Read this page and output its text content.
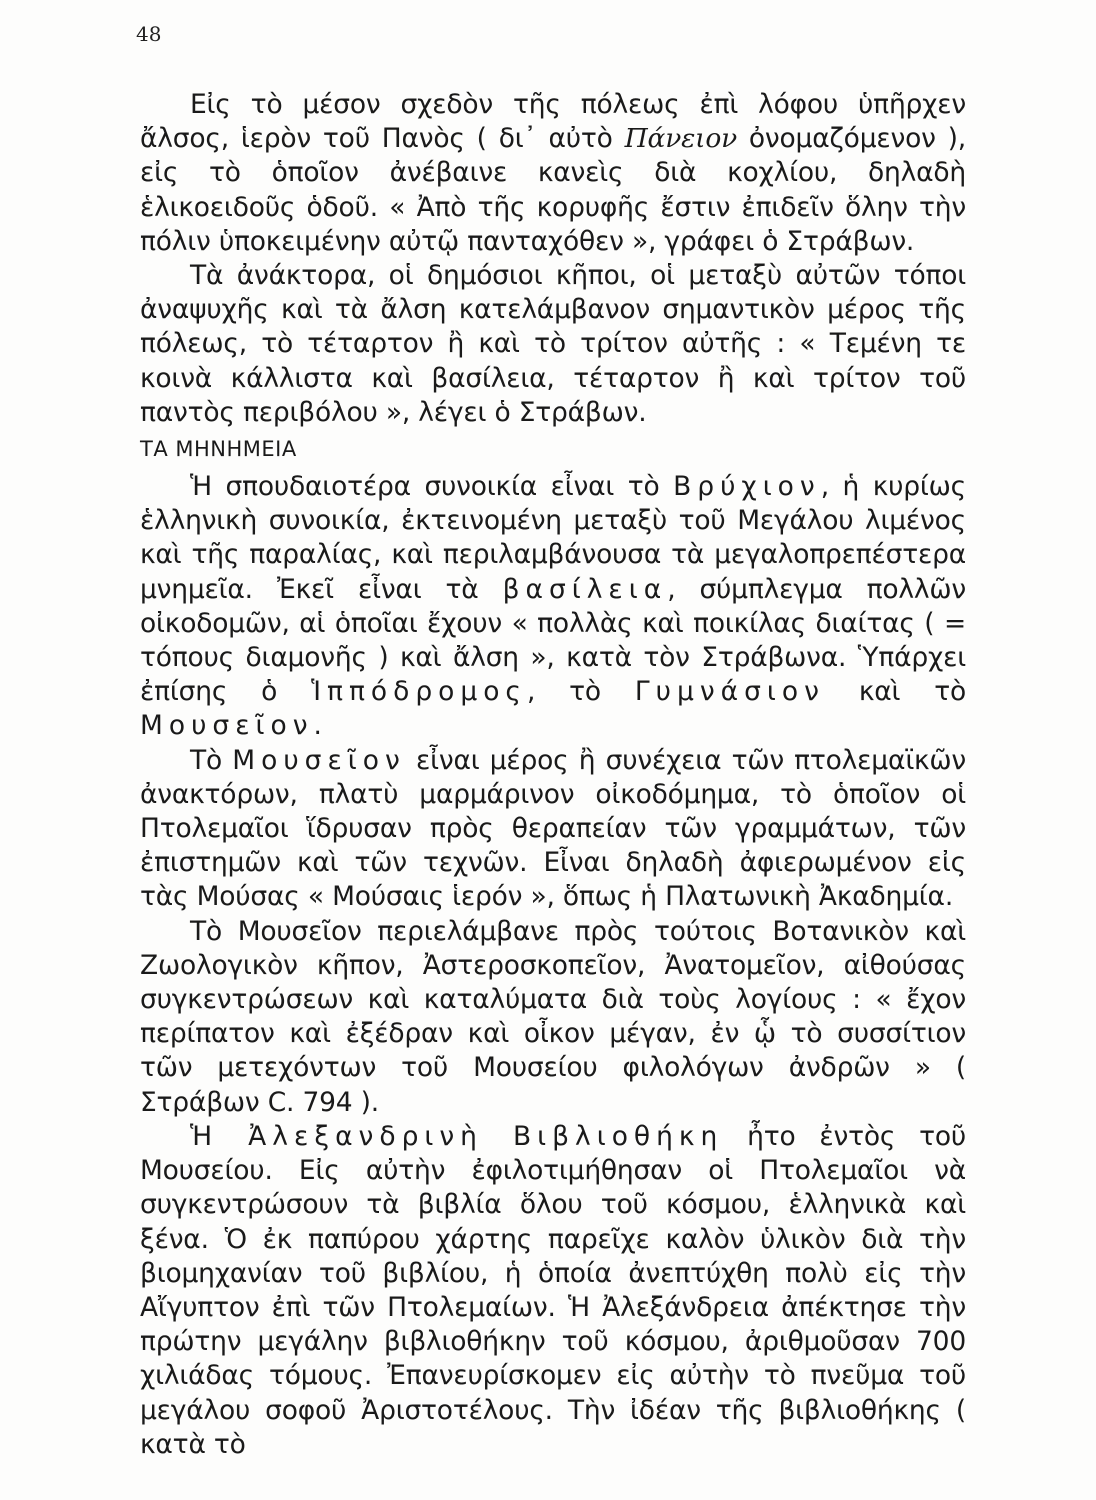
48

Εἰς τὸ μέσον σχεδὸν τῆς πόλεως ἐπὶ λόφου ὑπῆρχεν ἄλσος, ἱερὸν τοῦ Πανὸς ( δι᾽ αὐτὸ Πάνειον ὀνομαζόμενον ), εἰς τὸ ὁποῖον ἀνέβαινε κανεὶς διὰ κοχλίου, δηλαδὴ ἑλικοειδοῦς ὁδοῦ. « Ἀπὸ τῆς κορυφῆς ἔστιν ἐπιδεῖν ὅλην τὴν πόλιν ὑποκειμένην αὐτῷ πανταχόθεν », γράφει ὁ Στράβων.

Τὰ ἀνάκτορα, οἱ δημόσιοι κῆποι, οἱ μεταξὺ αὐτῶν τόποι ἀναψυχῆς καὶ τὰ ἄλση κατελάμβανον σημαντικὸν μέρος τῆς πόλεως, τὸ τέταρτον ἢ καὶ τὸ τρίτον αὐτῆς : « Τεμένη τε κοινὰ κάλλιστα καὶ βασίλεια, τέταρτον ἢ καὶ τρίτον τοῦ παντὸς περιβόλου », λέγει ὁ Στράβων.

ΤΑ ΜΗΝΗΜΕΙΑ

Ἡ σπουδαιοτέρα συνοικία εἶναι τὸ Βρύχιον, ἡ κυρίως ἑλληνικὴ συνοικία, ἐκτεινομένη μεταξὺ τοῦ Μεγάλου λιμένος καὶ τῆς παραλίας, καὶ περιλαμβάνουσα τὰ μεγαλοπρεπέστερα μνημεῖα. Ἐκεῖ εἶναι τὰ βασίλεια, σύμπλεγμα πολλῶν οἰκοδομῶν, αἱ ὁποῖαι ἔχουν « πολλὰς καὶ ποικίλας διαίτας ( = τόπους διαμονῆς ) καὶ ἄλση », κατὰ τὸν Στράβωνα. Ὑπάρχει ἐπίσης ὁ Ἱππόδρομος, τὸ Γυμνάσιον καὶ τὸ Μουσεῖον.

Τὸ Μουσεῖον εἶναι μέρος ἢ συνέχεια τῶν πτολεμαϊκῶν ἀνακτόρων, πλατὺ μαρμάρινον οἰκοδόμημα, τὸ ὁποῖον οἱ Πτολεμαῖοι ἵδρυσαν πρὸς θεραπείαν τῶν γραμμάτων, τῶν ἐπιστημῶν καὶ τῶν τεχνῶν. Εἶναι δηλαδὴ ἀφιερωμένον εἰς τὰς Μούσας « Μούσαις ἱερόν », ὅπως ἡ Πλατωνικὴ Ἀκαδημία.

Τὸ Μουσεῖον περιελάμβανε πρὸς τούτοις Βοτανικὸν καὶ Ζωολογικὸν κῆπον, Ἀστεροσκοπεῖον, Ἀνατομεῖον, αἰθούσας συγκεντρώσεων καὶ καταλύματα διὰ τοὺς λογίους : « ἔχον περίπατον καὶ ἐξέδραν καὶ οἶκον μέγαν, ἐν ᾧ τὸ συσσίτιον τῶν μετεχόντων τοῦ Μουσείου φιλολόγων ἀνδρῶν » ( Στράβων C. 794 ).

Ἡ Ἀλεξανδρινὴ Βιβλιοθήκη ἦτο ἐντὸς τοῦ Μουσείου. Εἰς αὐτὴν ἐφιλοτιμήθησαν οἱ Πτολεμαῖοι νὰ συγκεντρώσουν τὰ βιβλία ὅλου τοῦ κόσμου, ἑλληνικὰ καὶ ξένα. Ὁ ἐκ παπύρου χάρτης παρεῖχε καλὸν ὑλικὸν διὰ τὴν βιομηχανίαν τοῦ βιβλίου, ἡ ὁποία ἀνεπτύχθη πολὺ εἰς τὴν Αἴγυπτον ἐπὶ τῶν Πτολεμαίων. Ἡ Ἀλεξάνδρεια ἀπέκτησε τὴν πρώτην μεγάλην βιβλιοθήκην τοῦ κόσμου, ἀριθμοῦσαν 700 χιλιάδας τόμους. Ἐπανευρίσκομεν εἰς αὐτὴν τὸ πνεῦμα τοῦ μεγάλου σοφοῦ Ἀριστοτέλους. Τὴν ἰδέαν τῆς βιβλιοθήκης ( κατὰ τὸ
